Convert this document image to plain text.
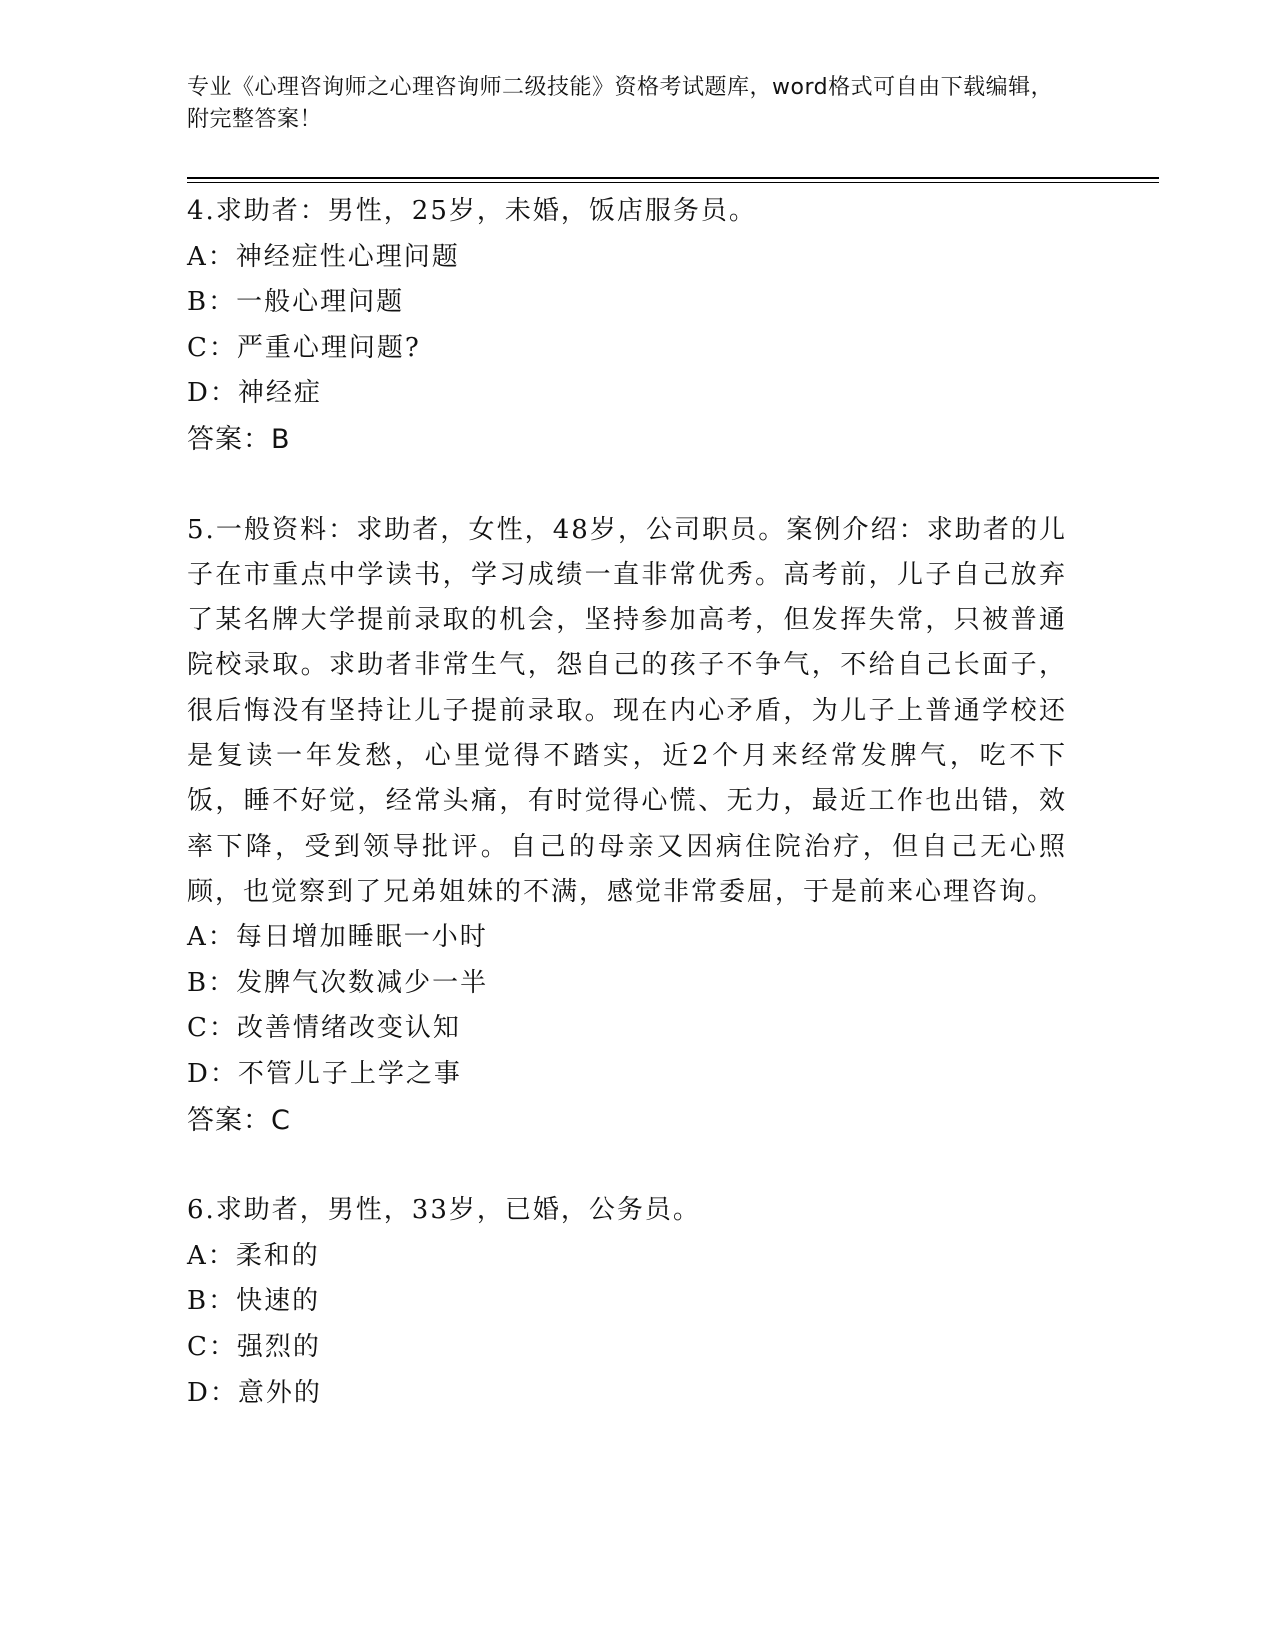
专业《心理咨询师之心理咨询师二级技能》资格考试题库，word格式可自由下载编辑，附完整答案！
4.求助者：男性，25岁，未婚，饭店服务员。
A：神经症性心理问题
B：一般心理问题
C：严重心理问题?
D：神经症
答案：B
5.一般资料：求助者，女性，48岁，公司职员。案例介绍：求助者的儿子在市重点中学读书，学习成绩一直非常优秀。高考前，儿子自己放弃了某名牌大学提前录取的机会，坚持参加高考，但发挥失常，只被普通院校录取。求助者非常生气，怨自己的孩子不争气，不给自己长面子，很后悔没有坚持让儿子提前录取。现在内心矛盾，为儿子上普通学校还是复读一年发愁，心里觉得不踏实，近2个月来经常发脾气，吃不下饭，睡不好觉，经常头痛，有时觉得心慌、无力，最近工作也出错，效率下降，受到领导批评。自己的母亲又因病住院治疗，但自己无心照顾，也觉察到了兄弟姐妹的不满，感觉非常委屈，于是前来心理咨询。
A：每日增加睡眠一小时
B：发脾气次数减少一半
C：改善情绪改变认知
D：不管儿子上学之事
答案：C
6.求助者，男性，33岁，已婚，公务员。
A：柔和的
B：快速的
C：强烈的
D：意外的
